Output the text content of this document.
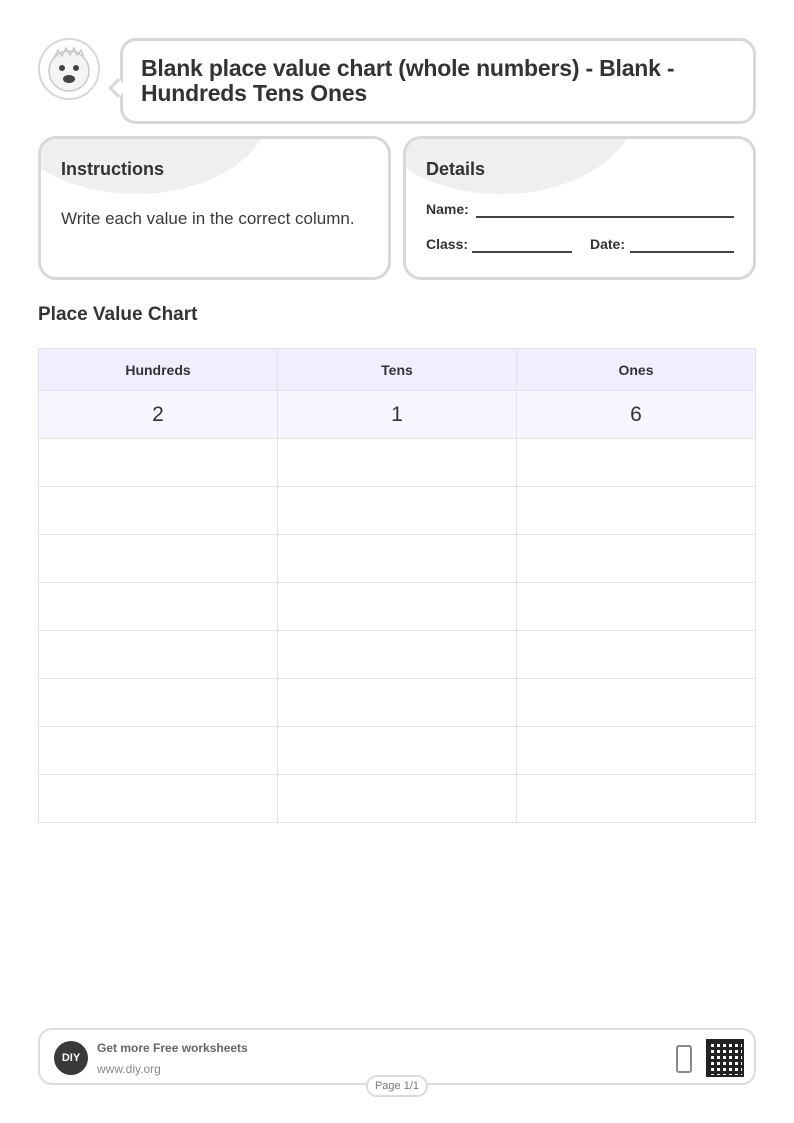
Blank place value chart (whole numbers) - Blank - Hundreds Tens Ones
Instructions
Write each value in the correct column.
Details
Name:
Class:	Date:
Place Value Chart
Hundreds	Tens	Ones
2	1	6

DIY
Get more Free worksheets
www.diy.org
Page 1/1
